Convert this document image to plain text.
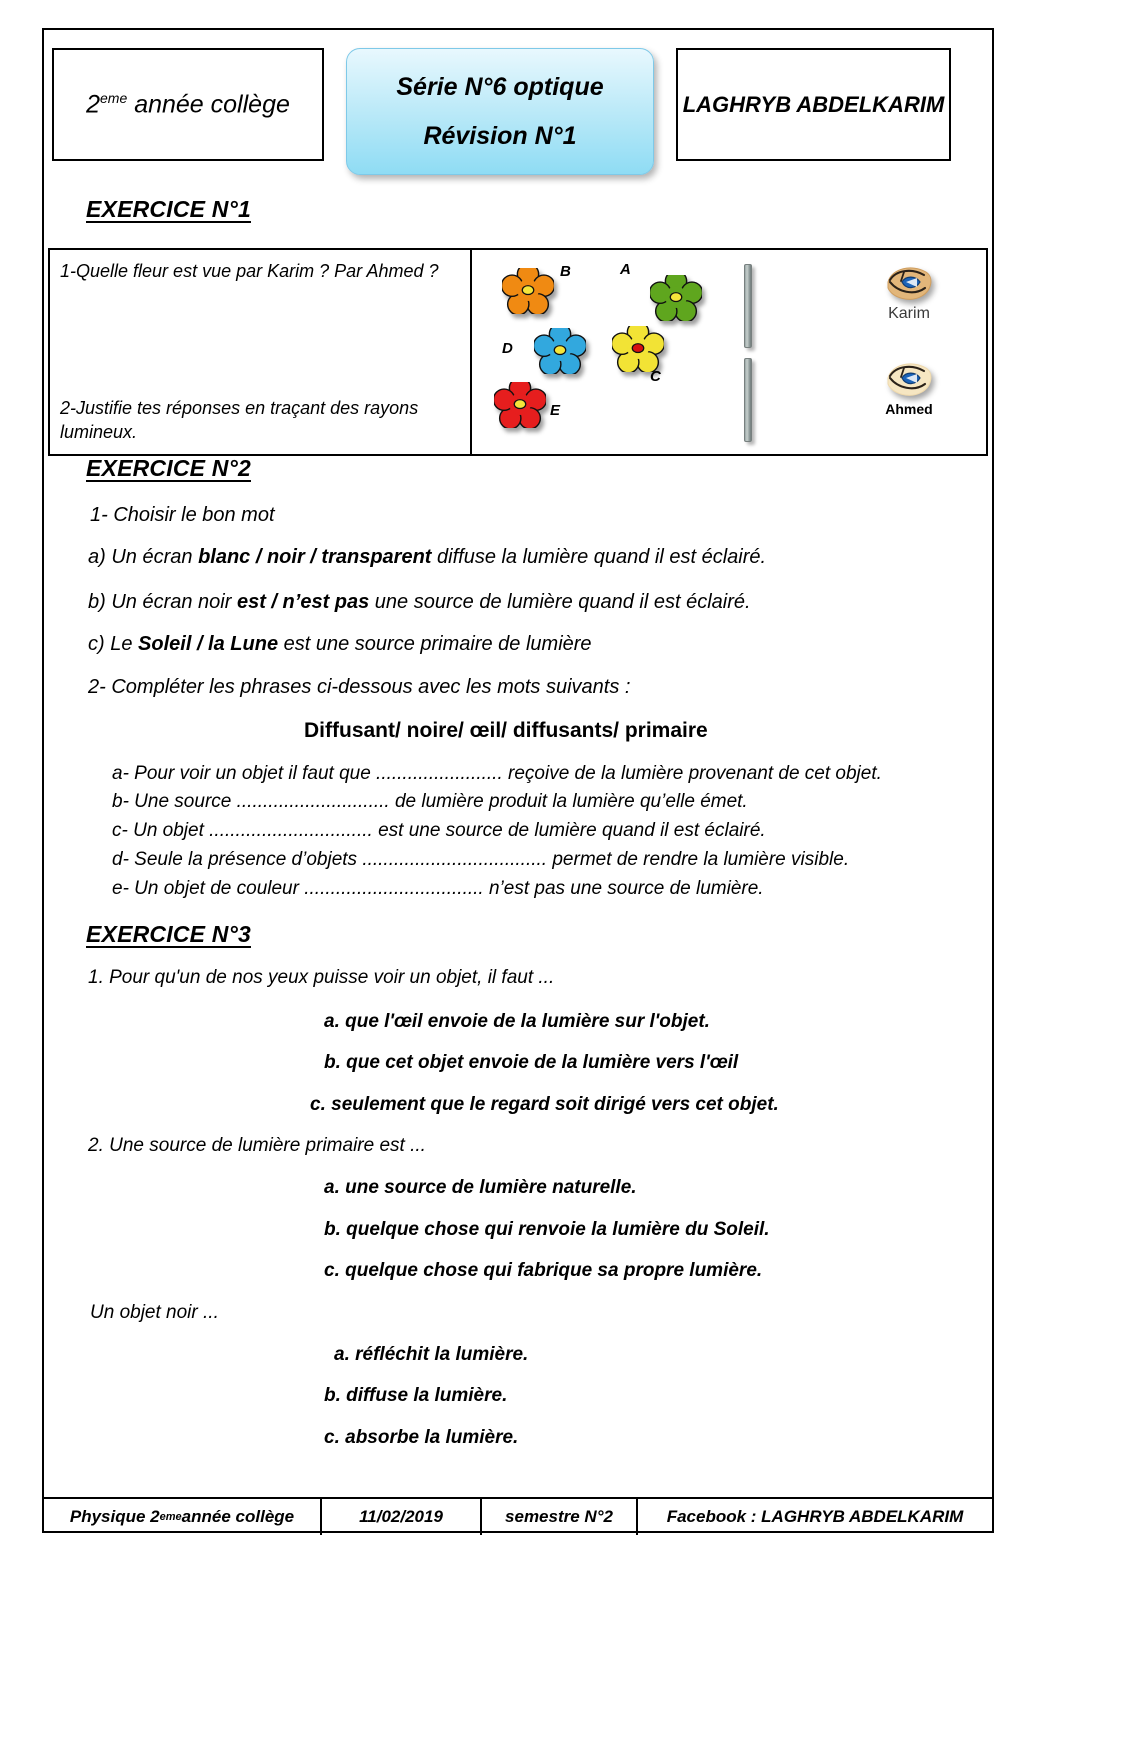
2eme année collège
Série N°6 optique
Révision N°1
LAGHRYB ABDELKARIM
EXERCICE N°1
1-Quelle fleur est vue par Karim ? Par Ahmed ?
2-Justifie tes réponses en traçant des rayons lumineux.
B	A
D
C
E
Karim
Ahmed
EXERCICE N°2
1- Choisir le bon mot
a) Un écran blanc / noir / transparent diffuse la lumière quand il est éclairé.
b) Un écran noir est / n’est pas une source de lumière quand il est éclairé.
c) Le Soleil / la Lune est une source primaire de lumière
2- Compléter les phrases ci-dessous avec les mots suivants :
Diffusant/ noire/ œil/ diffusants/ primaire
a- Pour voir un objet il faut que ........................ reçoive de la lumière provenant de cet objet.
b- Une source ............................. de lumière produit la lumière qu’elle émet.
c- Un objet ............................... est une source de lumière quand il est éclairé.
d- Seule la présence d’objets ................................... permet de rendre la lumière visible.
e- Un objet de couleur .................................. n’est pas une source de lumière.
EXERCICE N°3
1. Pour qu'un de nos yeux puisse voir un objet, il faut ...
a. que l'œil envoie de la lumière sur l'objet.
b. que cet objet envoie de la lumière vers l'œil
c. seulement que le regard soit dirigé vers cet objet.
2. Une source de lumière primaire est ...
a. une source de lumière naturelle.
b. quelque chose qui renvoie la lumière du Soleil.
c. quelque chose qui fabrique sa propre lumière.
Un objet noir ...
a. réfléchit la lumière.
b. diffuse la lumière.
c. absorbe la lumière.
Physique 2 eme année collège	11/02/2019	semestre N°2	Facebook : LAGHRYB ABDELKARIM
